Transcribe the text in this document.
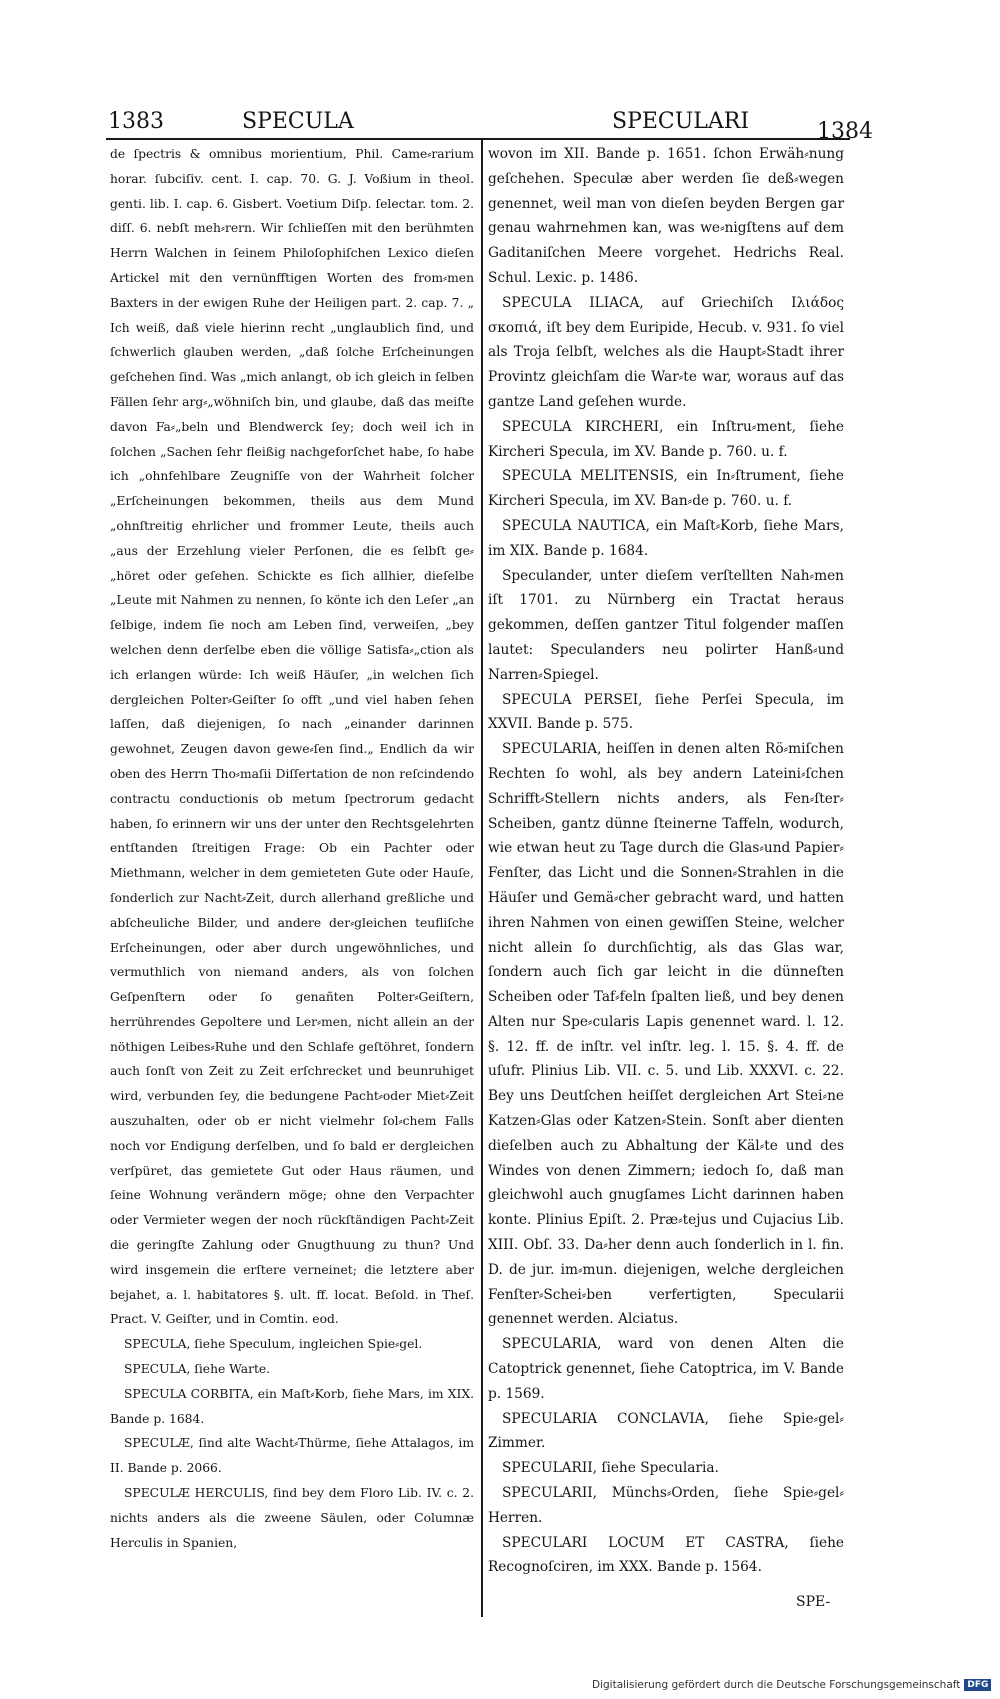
1383	SPECULA	SPECULARI	1384
de ſpectris & omnibus morientium, Phil. Came⸗rarium horar. ſubciſiv. cent. I. cap. 70. G. J. Voßium in theol. genti. lib. I. cap. 6. Gisbert. Voetium Diſp. ſelectar. tom. 2. diſſ. 6. nebſt meh⸗rern. Wir ſchlieſſen mit den berühmten Herrn Walchen in ſeinem Philoſophiſchen Lexico dieſen Artickel mit den vernünfftigen Worten des from⸗men Baxters in der ewigen Ruhe der Heiligen part. 2. cap. 7. „ Ich weiß, daß viele hierinn recht „unglaublich ſind, und ſchwerlich glauben werden, „daß ſolche Erſcheinungen geſchehen ſind. Was „mich anlangt, ob ich gleich in ſelben Fällen ſehr arg⸗„wöhniſch bin, und glaube, daß das meiſte davon Fa⸗„beln und Blendwerck ſey; doch weil ich in ſolchen „Sachen ſehr fleißig nachgeforſchet habe, ſo habe ich „ohnfehlbare Zeugniſſe von der Wahrheit ſolcher „Erſcheinungen bekommen, theils aus dem Mund „ohnſtreitig ehrlicher und frommer Leute, theils auch „aus der Erzehlung vieler Perſonen, die es ſelbſt ge⸗„höret oder geſehen. Schickte es ſich allhier, dieſelbe „Leute mit Nahmen zu nennen, ſo könte ich den Leſer „an ſelbige, indem ſie noch am Leben ſind, verweiſen, „bey welchen denn derſelbe eben die völlige Satisfa⸗„ction als ich erlangen würde: Ich weiß Häuſer, „in welchen ſich dergleichen Polter⸗Geiſter ſo offt „und viel haben ſehen laſſen, daß diejenigen, ſo nach „einander darinnen gewohnet, Zeugen davon gewe⸗ſen ſind.„ Endlich da wir oben des Herrn Tho⸗maſii Diſſertation de non reſcindendo contractu conductionis ob metum ſpectrorum gedacht haben, ſo erinnern wir uns der unter den Rechtsgelehrten entſtanden ſtreitigen Frage: Ob ein Pachter oder Miethmann, welcher in dem gemieteten Gute oder Hauſe, ſonderlich zur Nacht⸗Zeit, durch allerhand greßliche und abſcheuliche Bilder, und andere der⸗gleichen teufliſche Erſcheinungen, oder aber durch ungewöhnliches, und vermuthlich von niemand anders, als von ſolchen Geſpenſtern oder ſo genañten Polter⸗Geiſtern, herrührendes Gepoltere und Ler⸗men, nicht allein an der nöthigen Leibes⸗Ruhe und den Schlafe geſtöhret, ſondern auch ſonſt von Zeit zu Zeit erſchrecket und beunruhiget wird, verbunden ſey, die bedungene Pacht⸗oder Miet⸗Zeit auszuhalten, oder ob er nicht vielmehr ſol⸗chem Falls noch vor Endigung derſelben, und ſo bald er dergleichen verſpüret, das gemietete Gut oder Haus räumen, und ſeine Wohnung verändern möge; ohne den Verpachter oder Vermieter wegen der noch rückſtändigen Pacht⸗Zeit die geringſte Zahlung oder Gnugthuung zu thun? Und wird insgemein die erſtere verneinet; die letztere aber bejahet, a. l. habitatores §. ult. ff. locat. Beſold. in Theſ. Pract. V. Geiſter, und in Comtin. eod.
SPECULA, ſiehe Speculum, ingleichen Spie⸗gel.
SPECULA, ſiehe Warte.
SPECULA CORBITA, ein Maſt⸗Korb, ſiehe Mars, im XIX. Bande p. 1684.
SPECULÆ, ſind alte Wacht⸗Thürme, ſiehe Attalagos, im II. Bande p. 2066.
SPECULÆ HERCULIS, ſind bey dem Floro Lib. IV. c. 2. nichts anders als die zweene Säulen, oder Columnæ Herculis in Spanien,
wovon im XII. Bande p. 1651. ſchon Erwäh⸗nung geſchehen. Speculæ aber werden ſie deß⸗wegen genennet, weil man von dieſen beyden Bergen gar genau wahrnehmen kan, was we⸗nigſtens auf dem Gaditaniſchen Meere vorgehet. Hedrichs Real. Schul. Lexic. p. 1486.
SPECULA ILIACA, auf Griechiſch Ιλιάδος σκοπιά, iſt bey dem Euripide, Hecub. v. 931. ſo viel als Troja ſelbſt, welches als die Haupt⸗Stadt ihrer Provintz gleichſam die War⸗te war, woraus auf das gantze Land geſehen wurde.
SPECULA KIRCHERI, ein Inſtru⸗ment, ſiehe Kircheri Specula, im XV. Bande p. 760. u. f.
SPECULA MELITENSIS, ein In⸗ſtrument, ſiehe Kircheri Specula, im XV. Ban⸗de p. 760. u. f.
SPECULA NAUTICA, ein Maſt⸗Korb, ſiehe Mars, im XIX. Bande p. 1684.
Speculander, unter dieſem verſtellten Nah⸗men iſt 1701. zu Nürnberg ein Tractat heraus gekommen, deſſen gantzer Titul folgender maſſen lautet: Speculanders neu polirter Hanß⸗und Narren⸗Spiegel.
SPECULA PERSEI, ſiehe Perſei Specula, im XXVII. Bande p. 575.
SPECULARIA, heiſſen in denen alten Rö⸗miſchen Rechten ſo wohl, als bey andern Lateini⸗ſchen Schrifft⸗Stellern nichts anders, als Fen⸗ſter⸗Scheiben, gantz dünne ſteinerne Taffeln, wodurch, wie etwan heut zu Tage durch die Glas⸗und Papier⸗Fenſter, das Licht und die Sonnen⸗Strahlen in die Häuſer und Gemä⸗cher gebracht ward, und hatten ihren Nahmen von einen gewiſſen Steine, welcher nicht allein ſo durchſichtig, als das Glas war, ſondern auch ſich gar leicht in die dünneſten Scheiben oder Taf⸗feln ſpalten ließ, und bey denen Alten nur Spe⸗cularis Lapis genennet ward. l. 12. §. 12. ff. de inſtr. vel inſtr. leg. l. 15. §. 4. ff. de uſufr. Plinius Lib. VII. c. 5. und Lib. XXXVI. c. 22. Bey uns Deutſchen heiſſet dergleichen Art Stei⸗ne Katzen⸗Glas oder Katzen⸗Stein. Sonſt aber dienten dieſelben auch zu Abhaltung der Käl⸗te und des Windes von denen Zimmern; iedoch ſo, daß man gleichwohl auch gnugſames Licht darinnen haben konte. Plinius Epiſt. 2. Præ⸗tejus und Cujacius Lib. XIII. Obſ. 33. Da⸗her denn auch ſonderlich in l. fin. D. de jur. im⸗mun. diejenigen, welche dergleichen Fenſter⸗Schei⸗ben verfertigten, Specularii genennet werden. Alciatus.
SPECULARIA, ward von denen Alten die Catoptrick genennet, ſiehe Catoptrica, im V. Bande p. 1569.
SPECULARIA CONCLAVIA, ſiehe Spie⸗gel⸗Zimmer.
SPECULARII, ſiehe Specularia.
SPECULARII, Münchs⸗Orden, ſiehe Spie⸗gel⸗Herren.
SPECULARI LOCUM ET CASTRA, ſiehe Recognoſciren, im XXX. Bande p. 1564.
SPE-
Digitalisierung gefördert durch die Deutsche Forschungsgemeinschaft DFG
